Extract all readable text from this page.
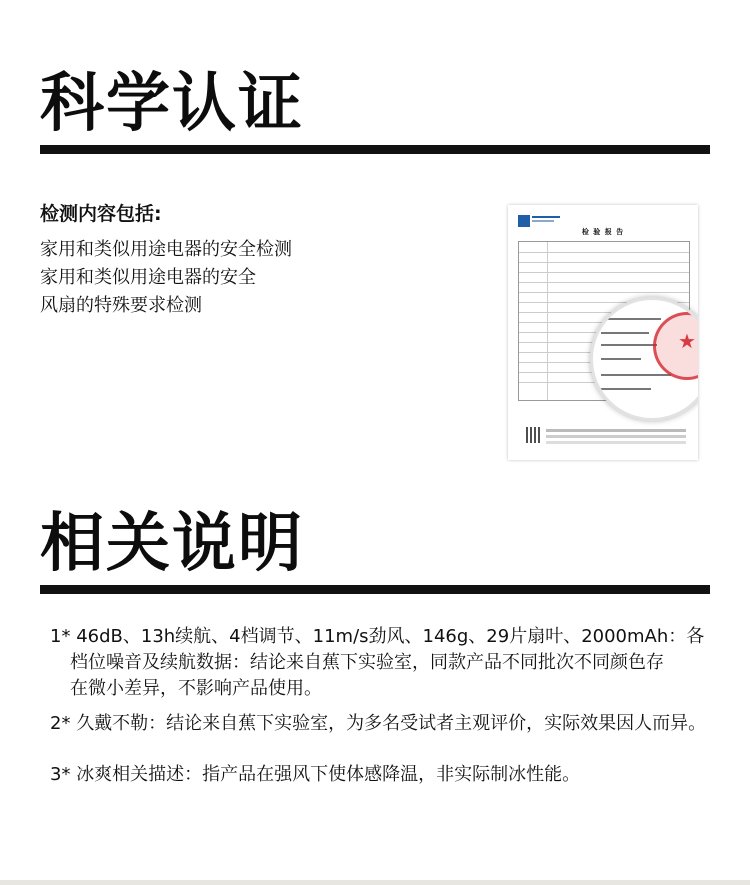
科学认证
检测内容包括:
家用和类似用途电器的安全检测
家用和类似用途电器的安全
风扇的特殊要求检测
检 验 报 告
★
相关说明
1* 46dB、13h续航、4档调节、11m/s劲风、146g、29片扇叶、2000mAh：各
档位噪音及续航数据：结论来自蕉下实验室，同款产品不同批次不同颜色存
在微小差异，不影响产品使用。
2* 久戴不勒：结论来自蕉下实验室，为多名受试者主观评价，实际效果因人而异。
3* 冰爽相关描述：指产品在强风下使体感降温，非实际制冰性能。
